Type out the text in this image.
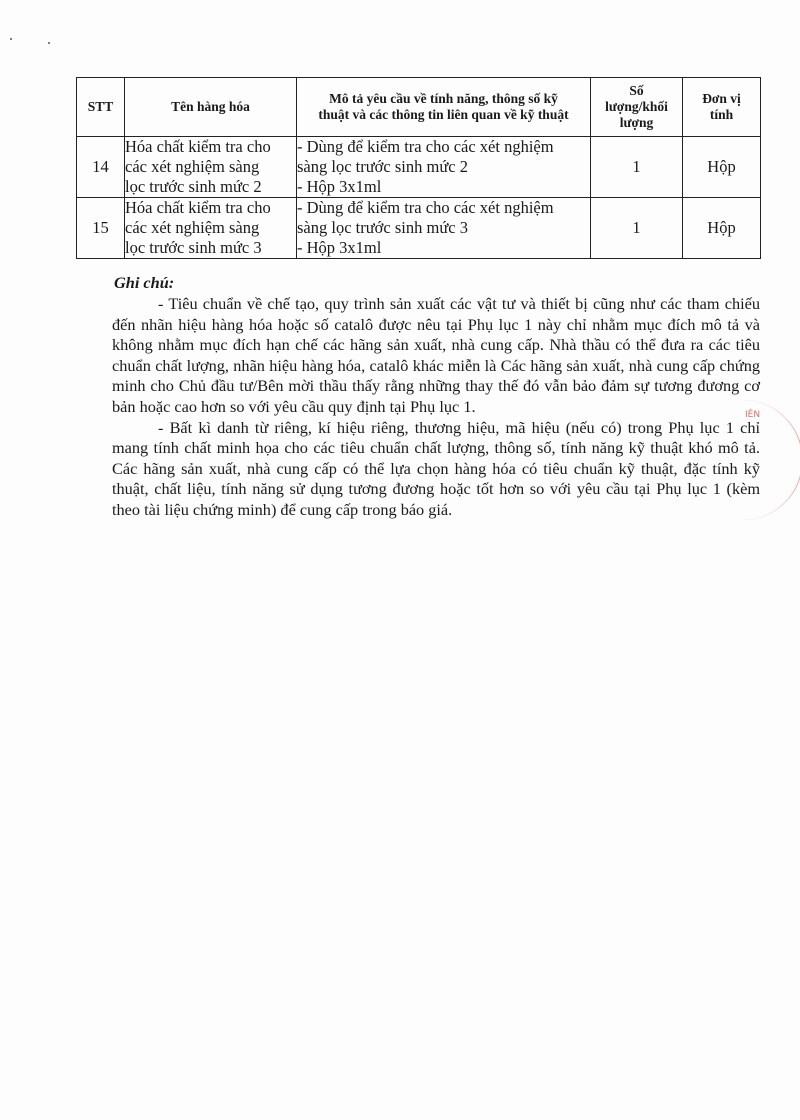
STT	Tên hàng hóa	Mô tả yêu cầu về tính năng, thông số kỹ
thuật và các thông tin liên quan về kỹ thuật	Số
lượng/khối
lượng	Đơn vị
tính

14	Hóa chất kiểm tra cho
các xét nghiệm sàng
lọc trước sinh mức 2	- Dùng để kiểm tra cho các xét nghiệm
sàng lọc trước sinh mức 2
- Hộp 3x1ml	1	Hộp
15	Hóa chất kiểm tra cho
các xét nghiệm sàng
lọc trước sinh mức 3	- Dùng để kiểm tra cho các xét nghiệm
sàng lọc trước sinh mức 3
- Hộp 3x1ml	1	Hộp

Ghi chú:

- Tiêu chuẩn về chế tạo, quy trình sản xuất các vật tư và thiết bị cũng như các tham chiếu đến nhãn hiệu hàng hóa hoặc số catalô được nêu tại Phụ lục 1 này chỉ nhằm mục đích mô tả và không nhằm mục đích hạn chế các hãng sản xuất, nhà cung cấp. Nhà thầu có thể đưa ra các tiêu chuẩn chất lượng, nhãn hiệu hàng hóa, catalô khác miễn là Các hãng sản xuất, nhà cung cấp chứng minh cho Chủ đầu tư/Bên mời thầu thấy rằng những thay thế đó vẫn bảo đảm sự tương đương cơ bản hoặc cao hơn so với yêu cầu quy định tại Phụ lục 1.

- Bất kì danh từ riêng, kí hiệu riêng, thương hiệu, mã hiệu (nếu có) trong Phụ lục 1 chỉ mang tính chất minh họa cho các tiêu chuẩn chất lượng, thông số, tính năng kỹ thuật khó mô tả. Các hãng sản xuất, nhà cung cấp có thể lựa chọn hàng hóa có tiêu chuẩn kỹ thuật, đặc tính kỹ thuật, chất liệu, tính năng sử dụng tương đương hoặc tốt hơn so với yêu cầu tại Phụ lục 1 (kèm theo tài liệu chứng minh) để cung cấp trong báo giá.

IÊN
